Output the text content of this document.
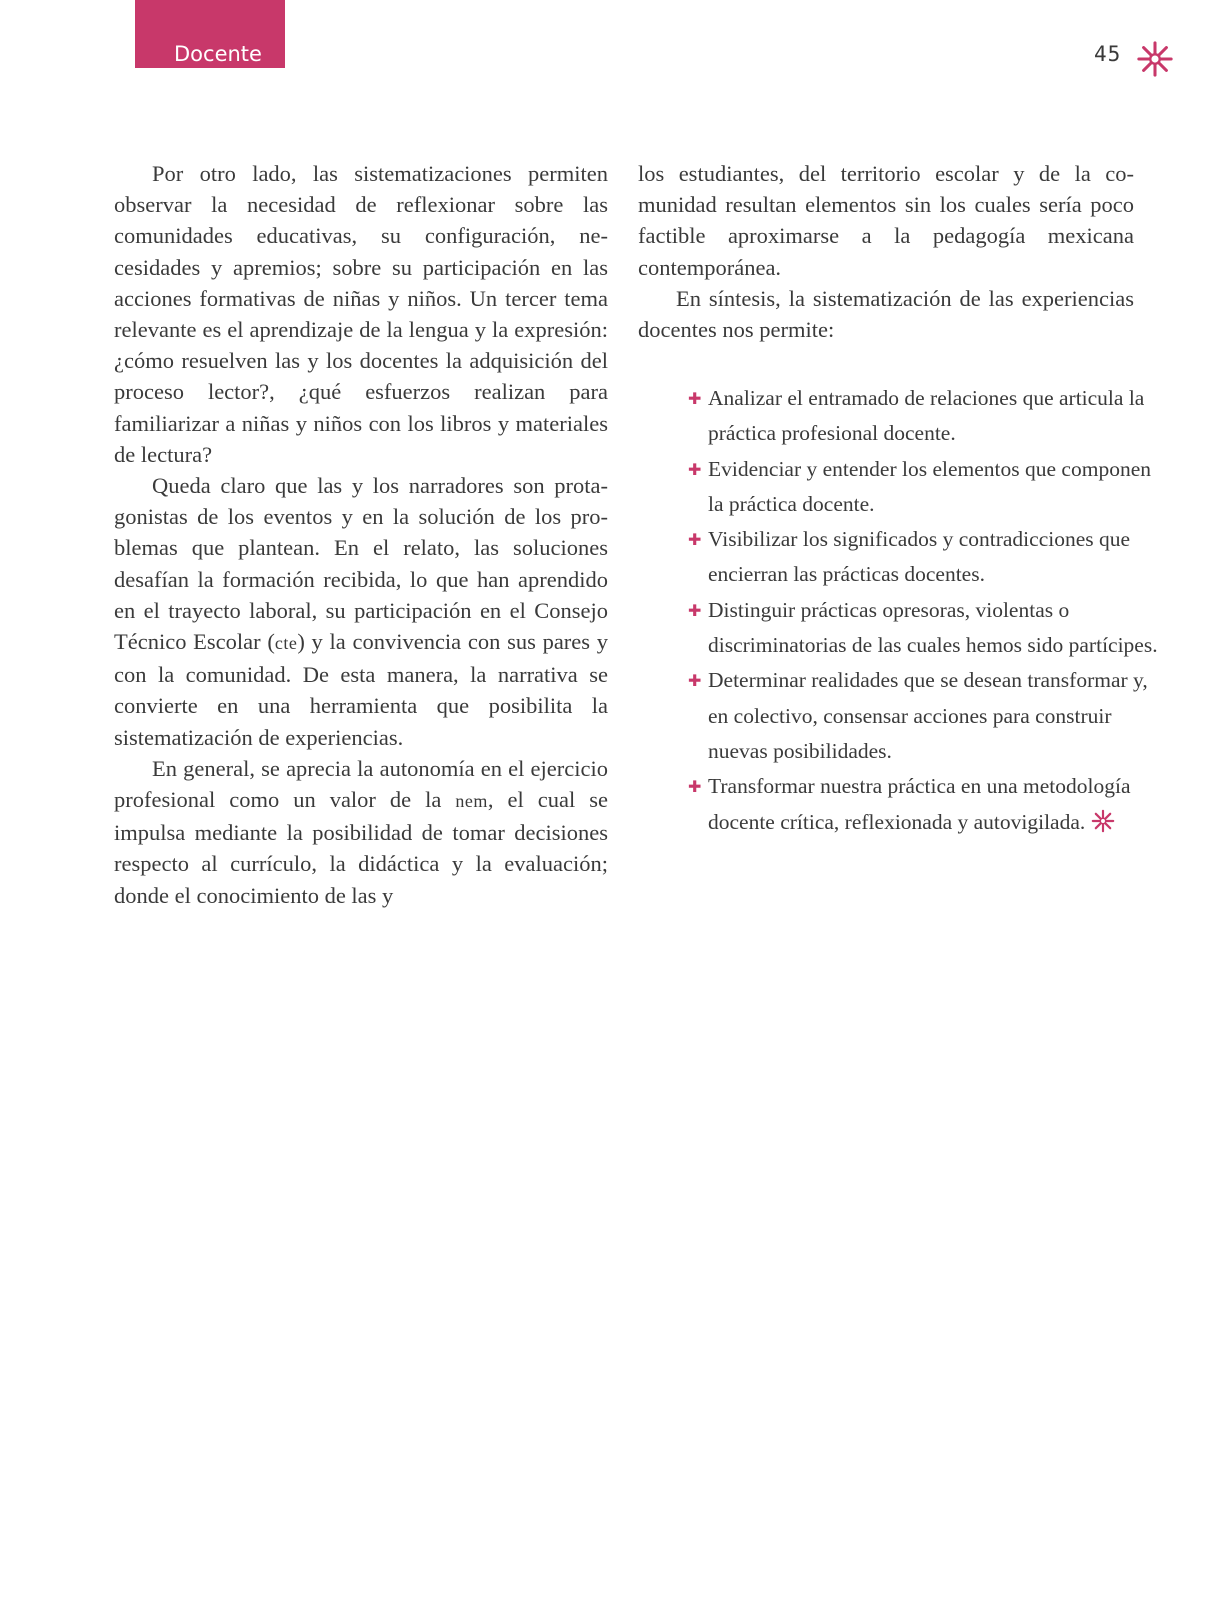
Docente	45

Por otro lado, las sistematizaciones permiten observar la necesidad de reflexionar sobre las comunidades educativas, su configuración, necesidades y apremios; sobre su participación en las acciones formativas de niñas y niños. Un tercer tema relevante es el aprendizaje de la lengua y la expresión: ¿cómo resuelven las y los docentes la adquisición del proceso lector?, ¿qué esfuerzos realizan para familiarizar a niñas y niños con los libros y materiales de lectura?

Queda claro que las y los narradores son protagonistas de los eventos y en la solución de los problemas que plantean. En el relato, las soluciones desafían la formación recibida, lo que han aprendido en el trayecto laboral, su participación en el Consejo Técnico Escolar (cte) y la convivencia con sus pares y con la comunidad. De esta manera, la narrativa se convierte en una herramienta que posibilita la sistematización de experiencias.

En general, se aprecia la autonomía en el ejercicio profesional como un valor de la nem, el cual se impulsa mediante la posibilidad de tomar decisiones respecto al currículo, la didáctica y la evaluación; donde el conocimiento de las y

los estudiantes, del territorio escolar y de la comunidad resultan elementos sin los cuales sería poco factible aproximarse a la pedagogía mexicana contemporánea.

En síntesis, la sistematización de las experiencias docentes nos permite:

✚ Analizar el entramado de relaciones que articula la práctica profesional docente.
✚ Evidenciar y entender los elementos que componen la práctica docente.
✚ Visibilizar los significados y contradicciones que encierran las prácticas docentes.
✚ Distinguir prácticas opresoras, violentas o discriminatorias de las cuales hemos sido partícipes.
✚ Determinar realidades que se desean transformar y, en colectivo, consensar acciones para construir nuevas posibilidades.
✚ Transformar nuestra práctica en una metodología docente crítica, reflexionada y autovigilada.
